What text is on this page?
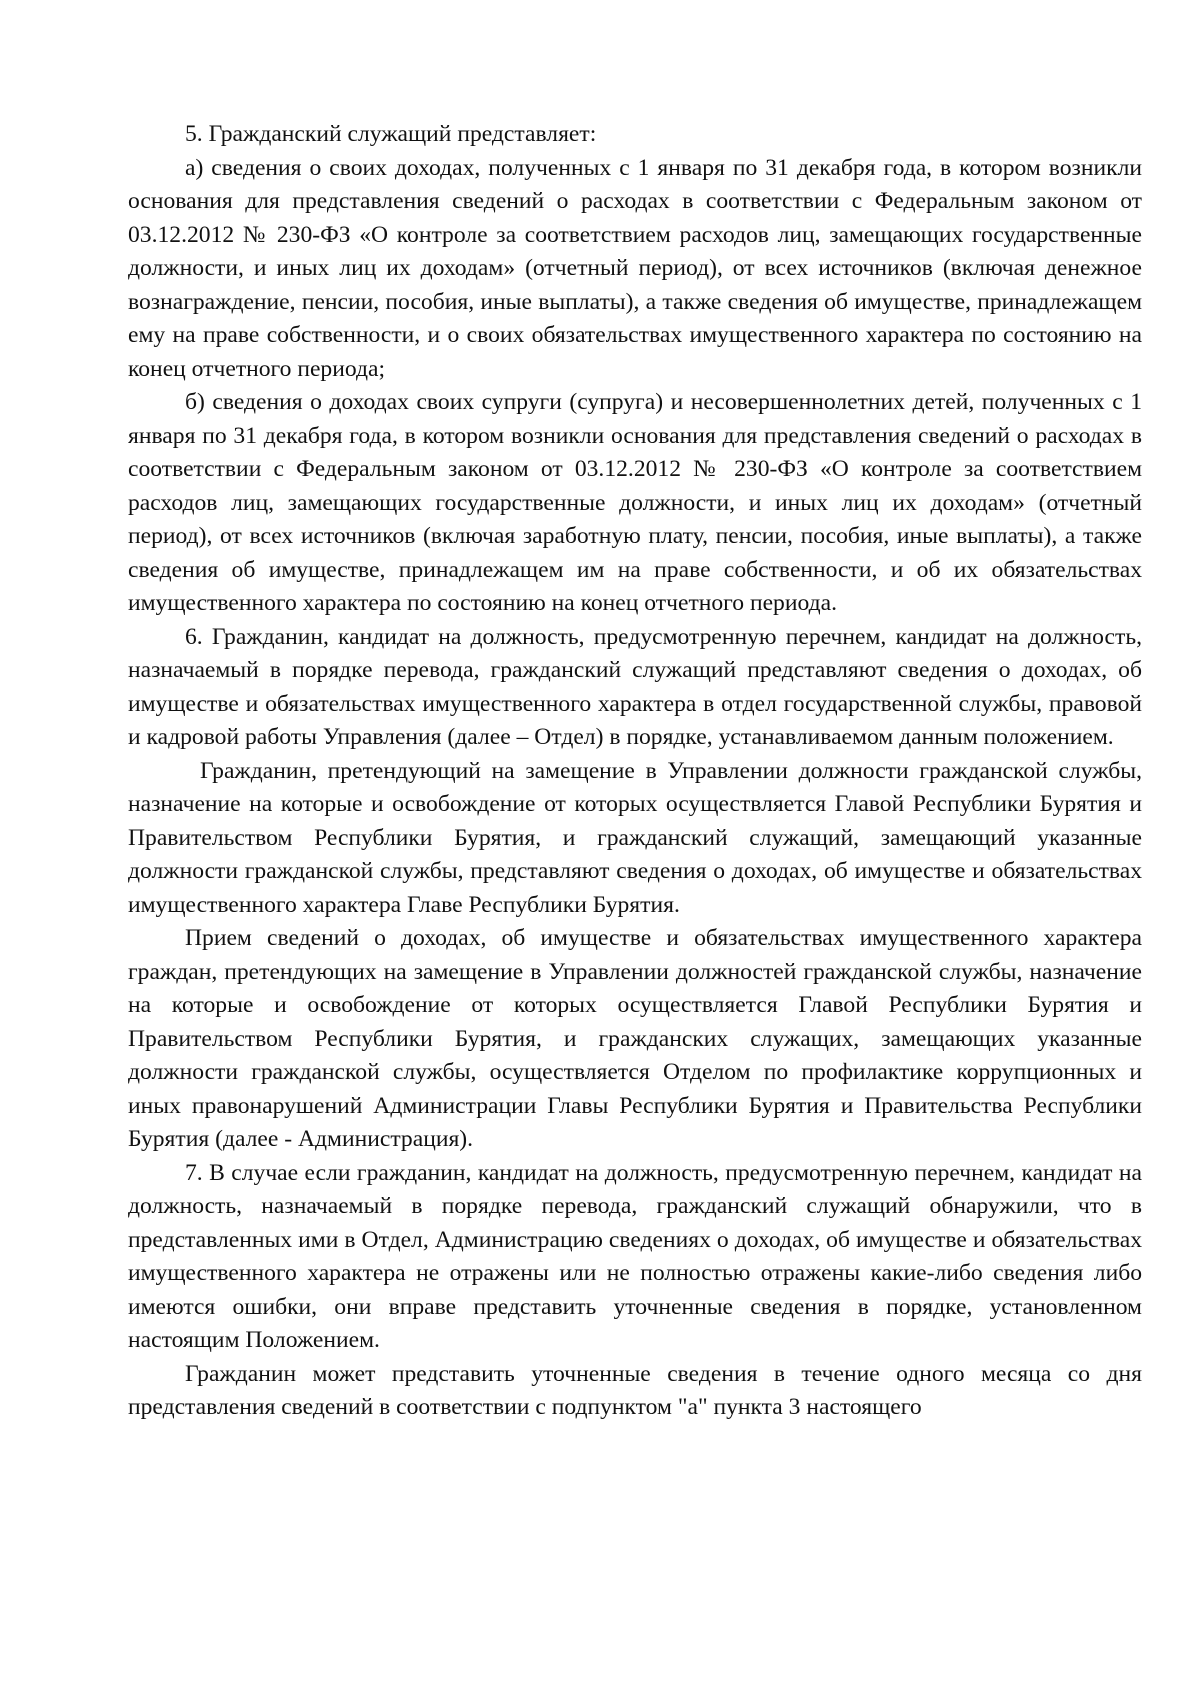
5. Гражданский служащий представляет:

а) сведения о своих доходах, полученных с 1 января по 31 декабря года, в котором возникли основания для представления сведений о расходах в соответствии с Федеральным законом от 03.12.2012 № 230-ФЗ «О контроле за соответствием расходов лиц, замещающих государственные должности, и иных лиц их доходам» (отчетный период), от всех источников (включая денежное вознаграждение, пенсии, пособия, иные выплаты), а также сведения об имуществе, принадлежащем ему на праве собственности, и о своих обязательствах имущественного характера по состоянию на конец отчетного периода;

б) сведения о доходах своих супруги (супруга) и несовершеннолетних детей, полученных с 1 января по 31 декабря года, в котором возникли основания для представления сведений о расходах в соответствии с Федеральным законом от 03.12.2012 № 230-ФЗ «О контроле за соответствием расходов лиц, замещающих государственные должности, и иных лиц их доходам» (отчетный период), от всех источников (включая заработную плату, пенсии, пособия, иные выплаты), а также сведения об имуществе, принадлежащем им на праве собственности, и об их обязательствах имущественного характера по состоянию на конец отчетного периода.

6. Гражданин, кандидат на должность, предусмотренную перечнем, кандидат на должность, назначаемый в порядке перевода, гражданский служащий представляют сведения о доходах, об имуществе и обязательствах имущественного характера в отдел государственной службы, правовой и кадровой работы Управления (далее – Отдел) в порядке, устанавливаемом данным положением.

Гражданин, претендующий на замещение в Управлении должности гражданской службы, назначение на которые и освобождение от которых осуществляется Главой Республики Бурятия и Правительством Республики Бурятия, и гражданский служащий, замещающий указанные должности гражданской службы, представляют сведения о доходах, об имуществе и обязательствах имущественного характера Главе Республики Бурятия.

Прием сведений о доходах, об имуществе и обязательствах имущественного характера граждан, претендующих на замещение в Управлении должностей гражданской службы, назначение на которые и освобождение от которых осуществляется Главой Республики Бурятия и Правительством Республики Бурятия, и гражданских служащих, замещающих указанные должности гражданской службы, осуществляется Отделом по профилактике коррупционных и иных правонарушений Администрации Главы Республики Бурятия и Правительства Республики Бурятия (далее - Администрация).

7. В случае если гражданин, кандидат на должность, предусмотренную перечнем, кандидат на должность, назначаемый в порядке перевода, гражданский служащий обнаружили, что в представленных ими в Отдел, Администрацию сведениях о доходах, об имуществе и обязательствах имущественного характера не отражены или не полностью отражены какие-либо сведения либо имеются ошибки, они вправе представить уточненные сведения в порядке, установленном настоящим Положением.

Гражданин может представить уточненные сведения в течение одного месяца со дня представления сведений в соответствии с подпунктом "а" пункта 3 настоящего
